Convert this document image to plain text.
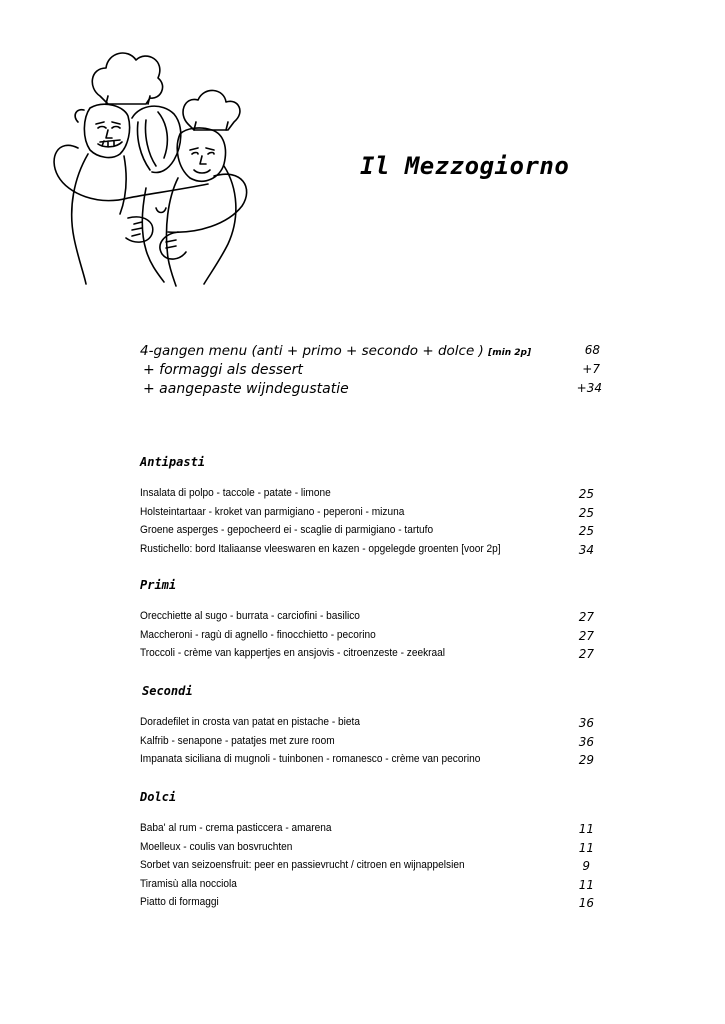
Il Mezzogiorno
4-gangen menu (anti + primo + secondo + dolce ) [min 2p]	68
+ formaggi als dessert	+7
+ aangepaste wijndegustatie	+34
Antipasti
Insalata di polpo - taccole - patate - limone	25
Holsteintartaar - kroket van parmigiano - peperoni - mizuna	25
Groene asperges - gepocheerd ei - scaglie di parmigiano - tartufo	25
Rustichello: bord Italiaanse vleeswaren en kazen - opgelegde groenten [voor 2p]	34
Primi
Orecchiette al sugo - burrata - carciofini - basilico	27
Maccheroni - ragù di agnello - finocchietto - pecorino	27
Troccoli - crème van kappertjes en ansjovis - citroenzeste - zeekraal	27
Secondi
Doradefilet in crosta van patat en pistache - bieta	36
Kalfrib - senapone - patatjes met zure room	36
Impanata siciliana di mugnoli - tuinbonen - romanesco - crème van pecorino	29
Dolci
Baba' al rum - crema pasticcera - amarena	11
Moelleux - coulis van bosvruchten	11
Sorbet van seizoensfruit: peer en passievrucht / citroen en wijnappelsien	9
Tiramisù alla nocciola	11
Piatto di formaggi	16
